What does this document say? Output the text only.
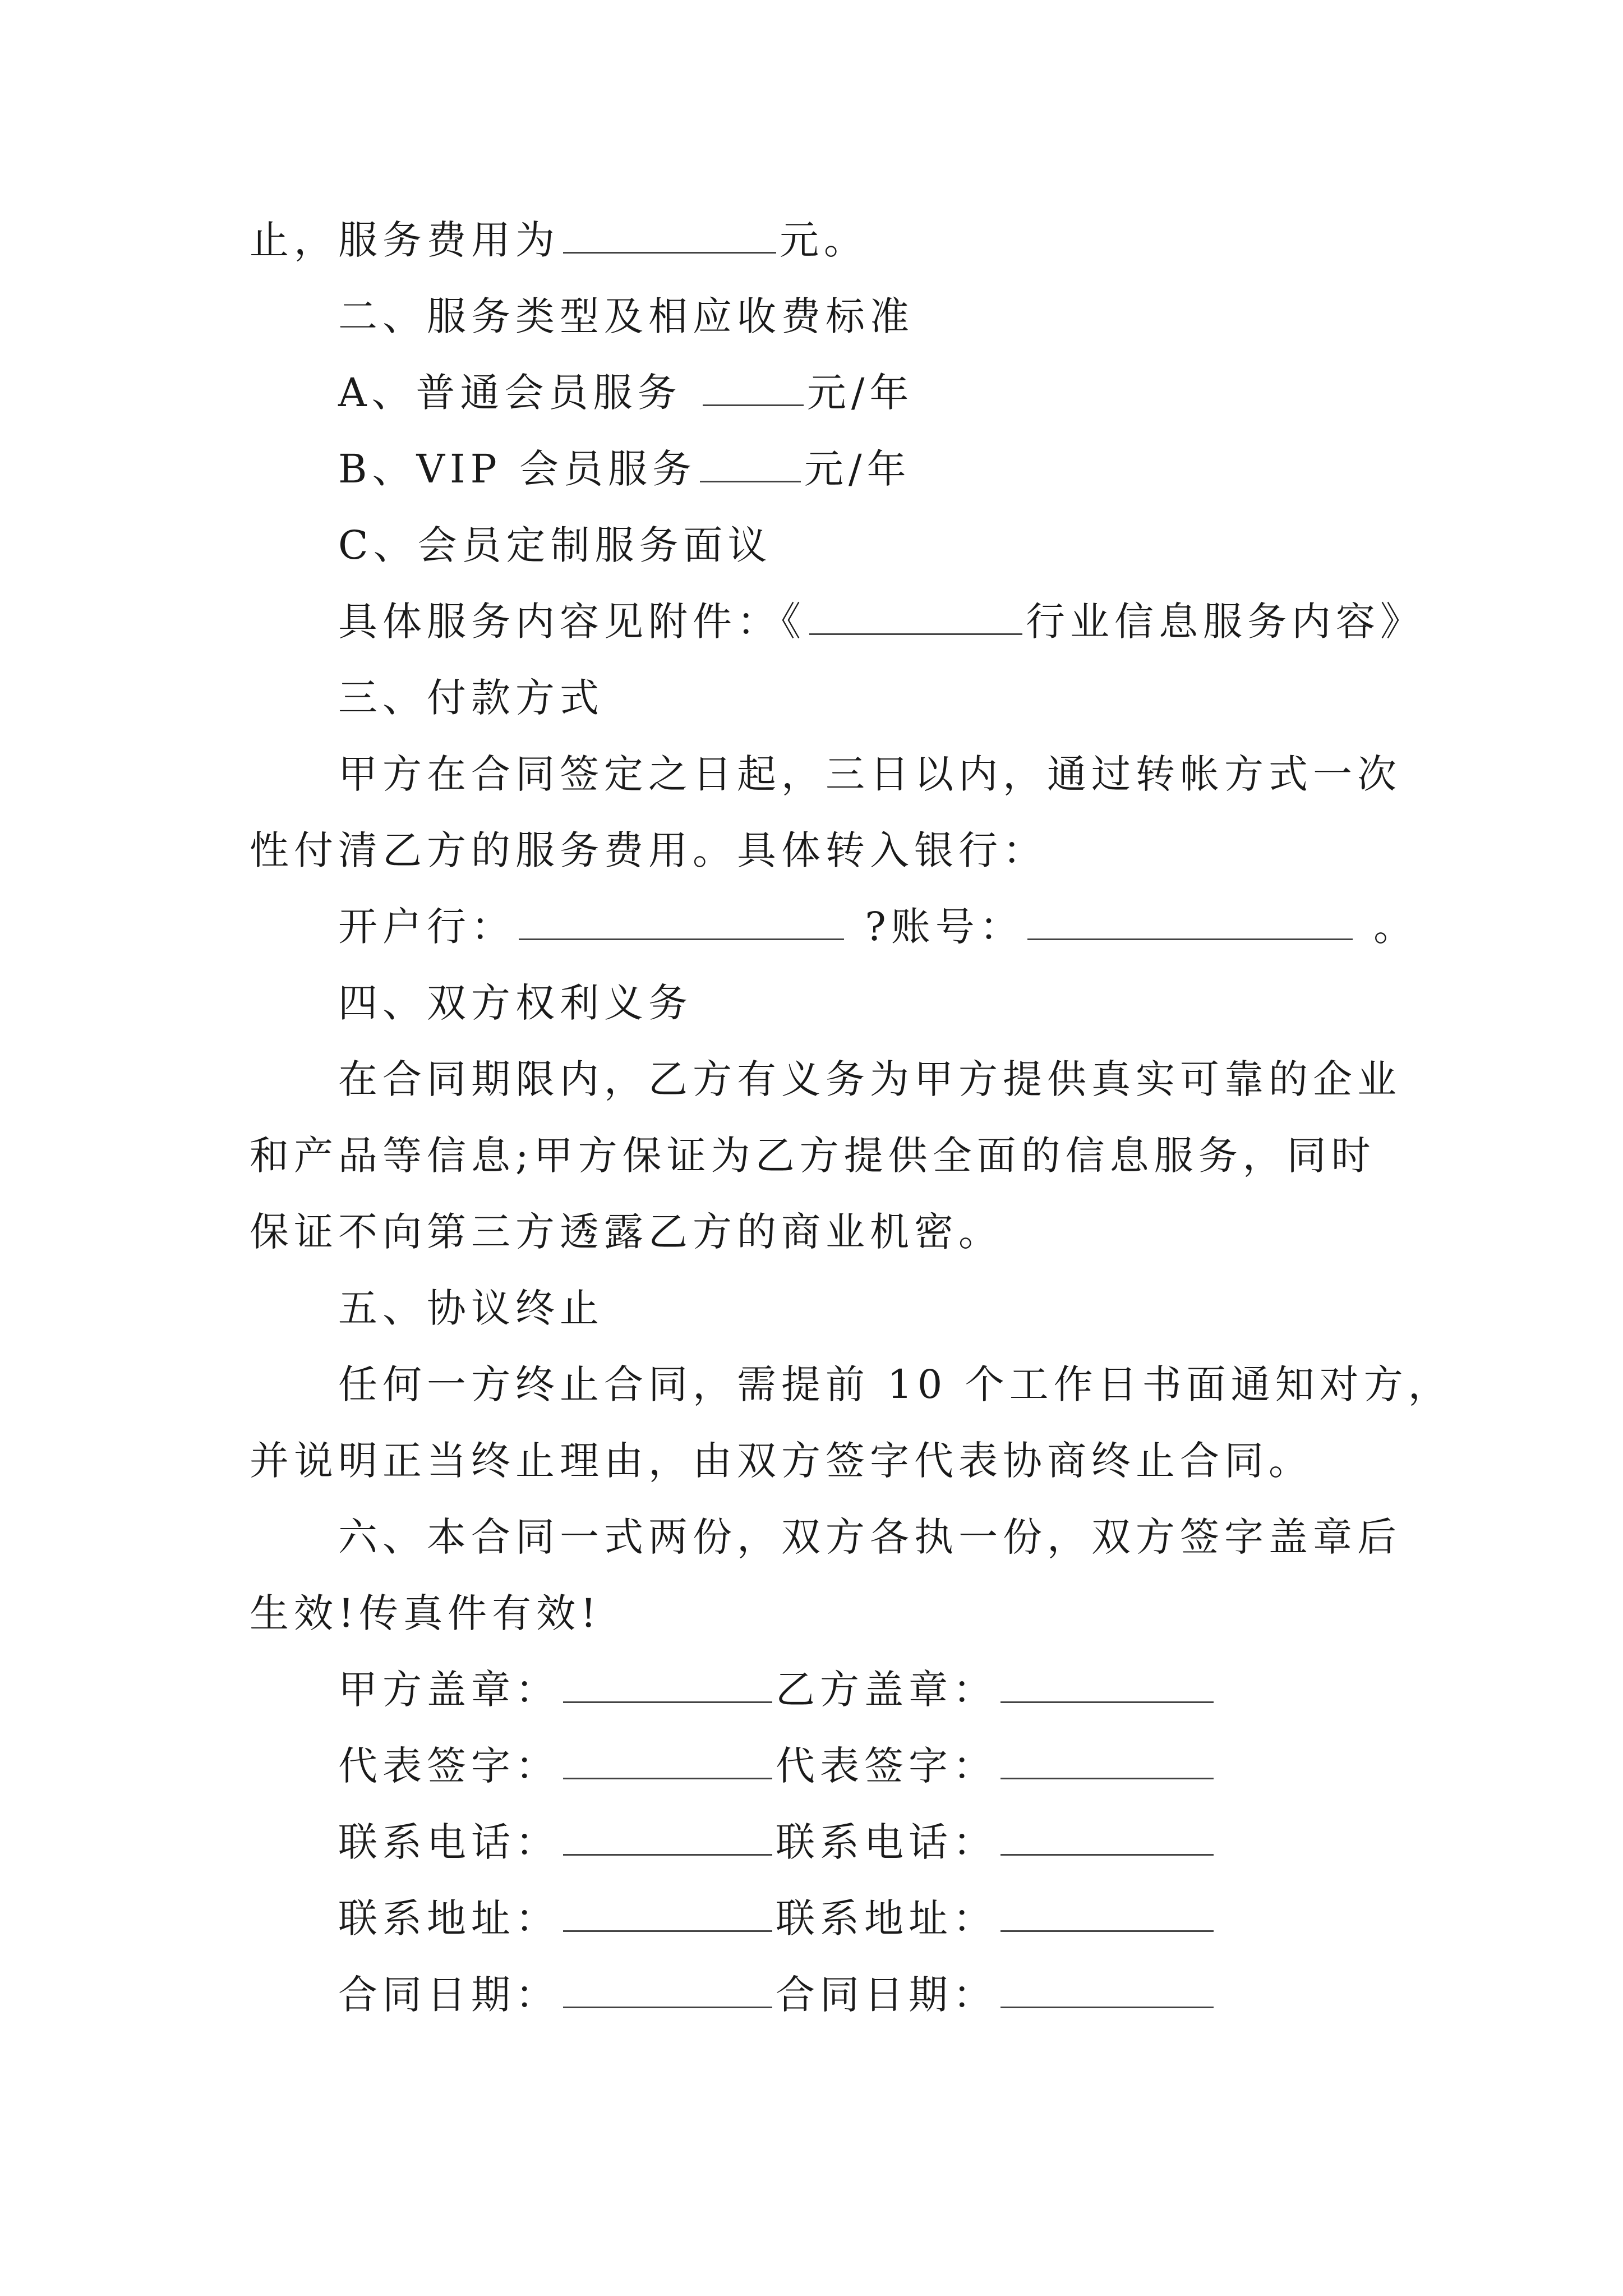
止，服务费用为	元。
二、服务类型及相应收费标准
A、普通会员服务	元/年
B、VIP 会员服务	元/年
C、会员定制服务面议
具体服务内容见附件：《	行业信息服务内容》
三、付款方式
甲方在合同签定之日起，三日以内，通过转帐方式一次
性付清乙方的服务费用。具体转入银行：
开户行：	?账号：	。
四、双方权利义务
在合同期限内，乙方有义务为甲方提供真实可靠的企业
和产品等信息;甲方保证为乙方提供全面的信息服务，同时
保证不向第三方透露乙方的商业机密。
五、协议终止
任何一方终止合同，需提前 10 个工作日书面通知对方，
并说明正当终止理由，由双方签字代表协商终止合同。
六、本合同一式两份，双方各执一份，双方签字盖章后
生效!传真件有效!
甲方盖章：	乙方盖章：
代表签字：	代表签字：
联系电话：	联系电话：
联系地址：	联系地址：
合同日期：	合同日期：
